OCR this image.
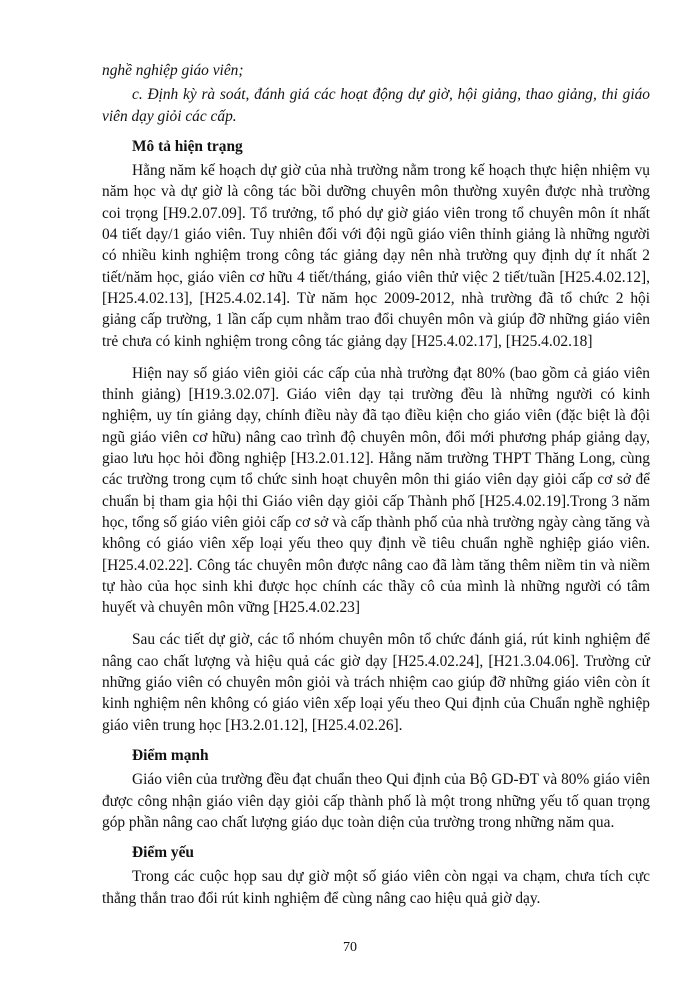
nghề nghiệp giáo viên;

c. Định kỳ rà soát, đánh giá các hoạt động dự giờ, hội giảng, thao giảng, thi giáo viên dạy giỏi các cấp.

Mô tả hiện trạng

Hằng năm kế hoạch dự giờ của nhà trường nằm trong kế hoạch thực hiện nhiệm vụ năm học và dự giờ là công tác bồi dưỡng chuyên môn thường xuyên được nhà trường coi trọng [H9.2.07.09]. Tổ trưởng, tổ phó dự giờ giáo viên trong tổ chuyên môn ít nhất 04 tiết dạy/1 giáo viên. Tuy nhiên đối với đội ngũ giáo viên thỉnh giảng là những người có nhiều kinh nghiệm trong công tác giảng dạy nên nhà trường quy định dự ít nhất 2 tiết/năm học, giáo viên cơ hữu 4 tiết/tháng, giáo viên thử việc 2 tiết/tuần [H25.4.02.12], [H25.4.02.13], [H25.4.02.14]. Từ năm học 2009-2012, nhà trường đã tổ chức 2 hội giảng cấp trường, 1 lần cấp cụm nhằm trao đổi chuyên môn và giúp đỡ những giáo viên trẻ chưa có kinh nghiệm trong công tác giảng dạy [H25.4.02.17], [H25.4.02.18]

Hiện nay số giáo viên giỏi các cấp của nhà trường đạt 80% (bao gồm cả giáo viên thỉnh giảng) [H19.3.02.07]. Giáo viên dạy tại trường đều là những người có kinh nghiệm, uy tín giảng dạy, chính điều này đã tạo điều kiện cho giáo viên (đặc biệt là đội ngũ giáo viên cơ hữu) nâng cao trình độ chuyên môn, đổi mới phương pháp giảng dạy, giao lưu học hỏi đồng nghiệp [H3.2.01.12]. Hằng năm trường THPT Thăng Long, cùng các trường trong cụm tổ chức sinh hoạt chuyên môn thi giáo viên dạy giỏi cấp cơ sở để chuẩn bị tham gia hội thi Giáo viên dạy giỏi cấp Thành phố [H25.4.02.19].Trong 3 năm học, tổng số giáo viên giỏi cấp cơ sở và cấp thành phố của nhà trường ngày càng tăng và không có giáo viên xếp loại yếu theo quy định về tiêu chuẩn nghề nghiệp giáo viên. [H25.4.02.22]. Công tác chuyên môn được nâng cao đã làm tăng thêm niềm tin và niềm tự hào của học sinh khi được học chính các thầy cô của mình là những người có tâm huyết và chuyên môn vững [H25.4.02.23]

Sau các tiết dự giờ, các tổ nhóm chuyên môn tổ chức đánh giá, rút kinh nghiệm để nâng cao chất lượng và hiệu quả các giờ dạy [H25.4.02.24], [H21.3.04.06]. Trường cử những giáo viên có chuyên môn giỏi và trách nhiệm cao giúp đỡ những giáo viên còn ít kinh nghiệm nên không có giáo viên xếp loại yếu theo Qui định của Chuẩn nghề nghiệp giáo viên trung học [H3.2.01.12], [H25.4.02.26].

Điểm mạnh

Giáo viên của trường đều đạt chuẩn theo Qui định của Bộ GD-ĐT và 80% giáo viên được công nhận giáo viên dạy giỏi cấp thành phố là một trong những yếu tố quan trọng góp phần nâng cao chất lượng giáo dục toàn diện của trường trong những năm qua.

Điểm yếu

Trong các cuộc họp sau dự giờ một số giáo viên còn ngại va chạm, chưa tích cực thẳng thắn trao đổi rút kinh nghiệm để cùng nâng cao hiệu quả giờ dạy.

70
